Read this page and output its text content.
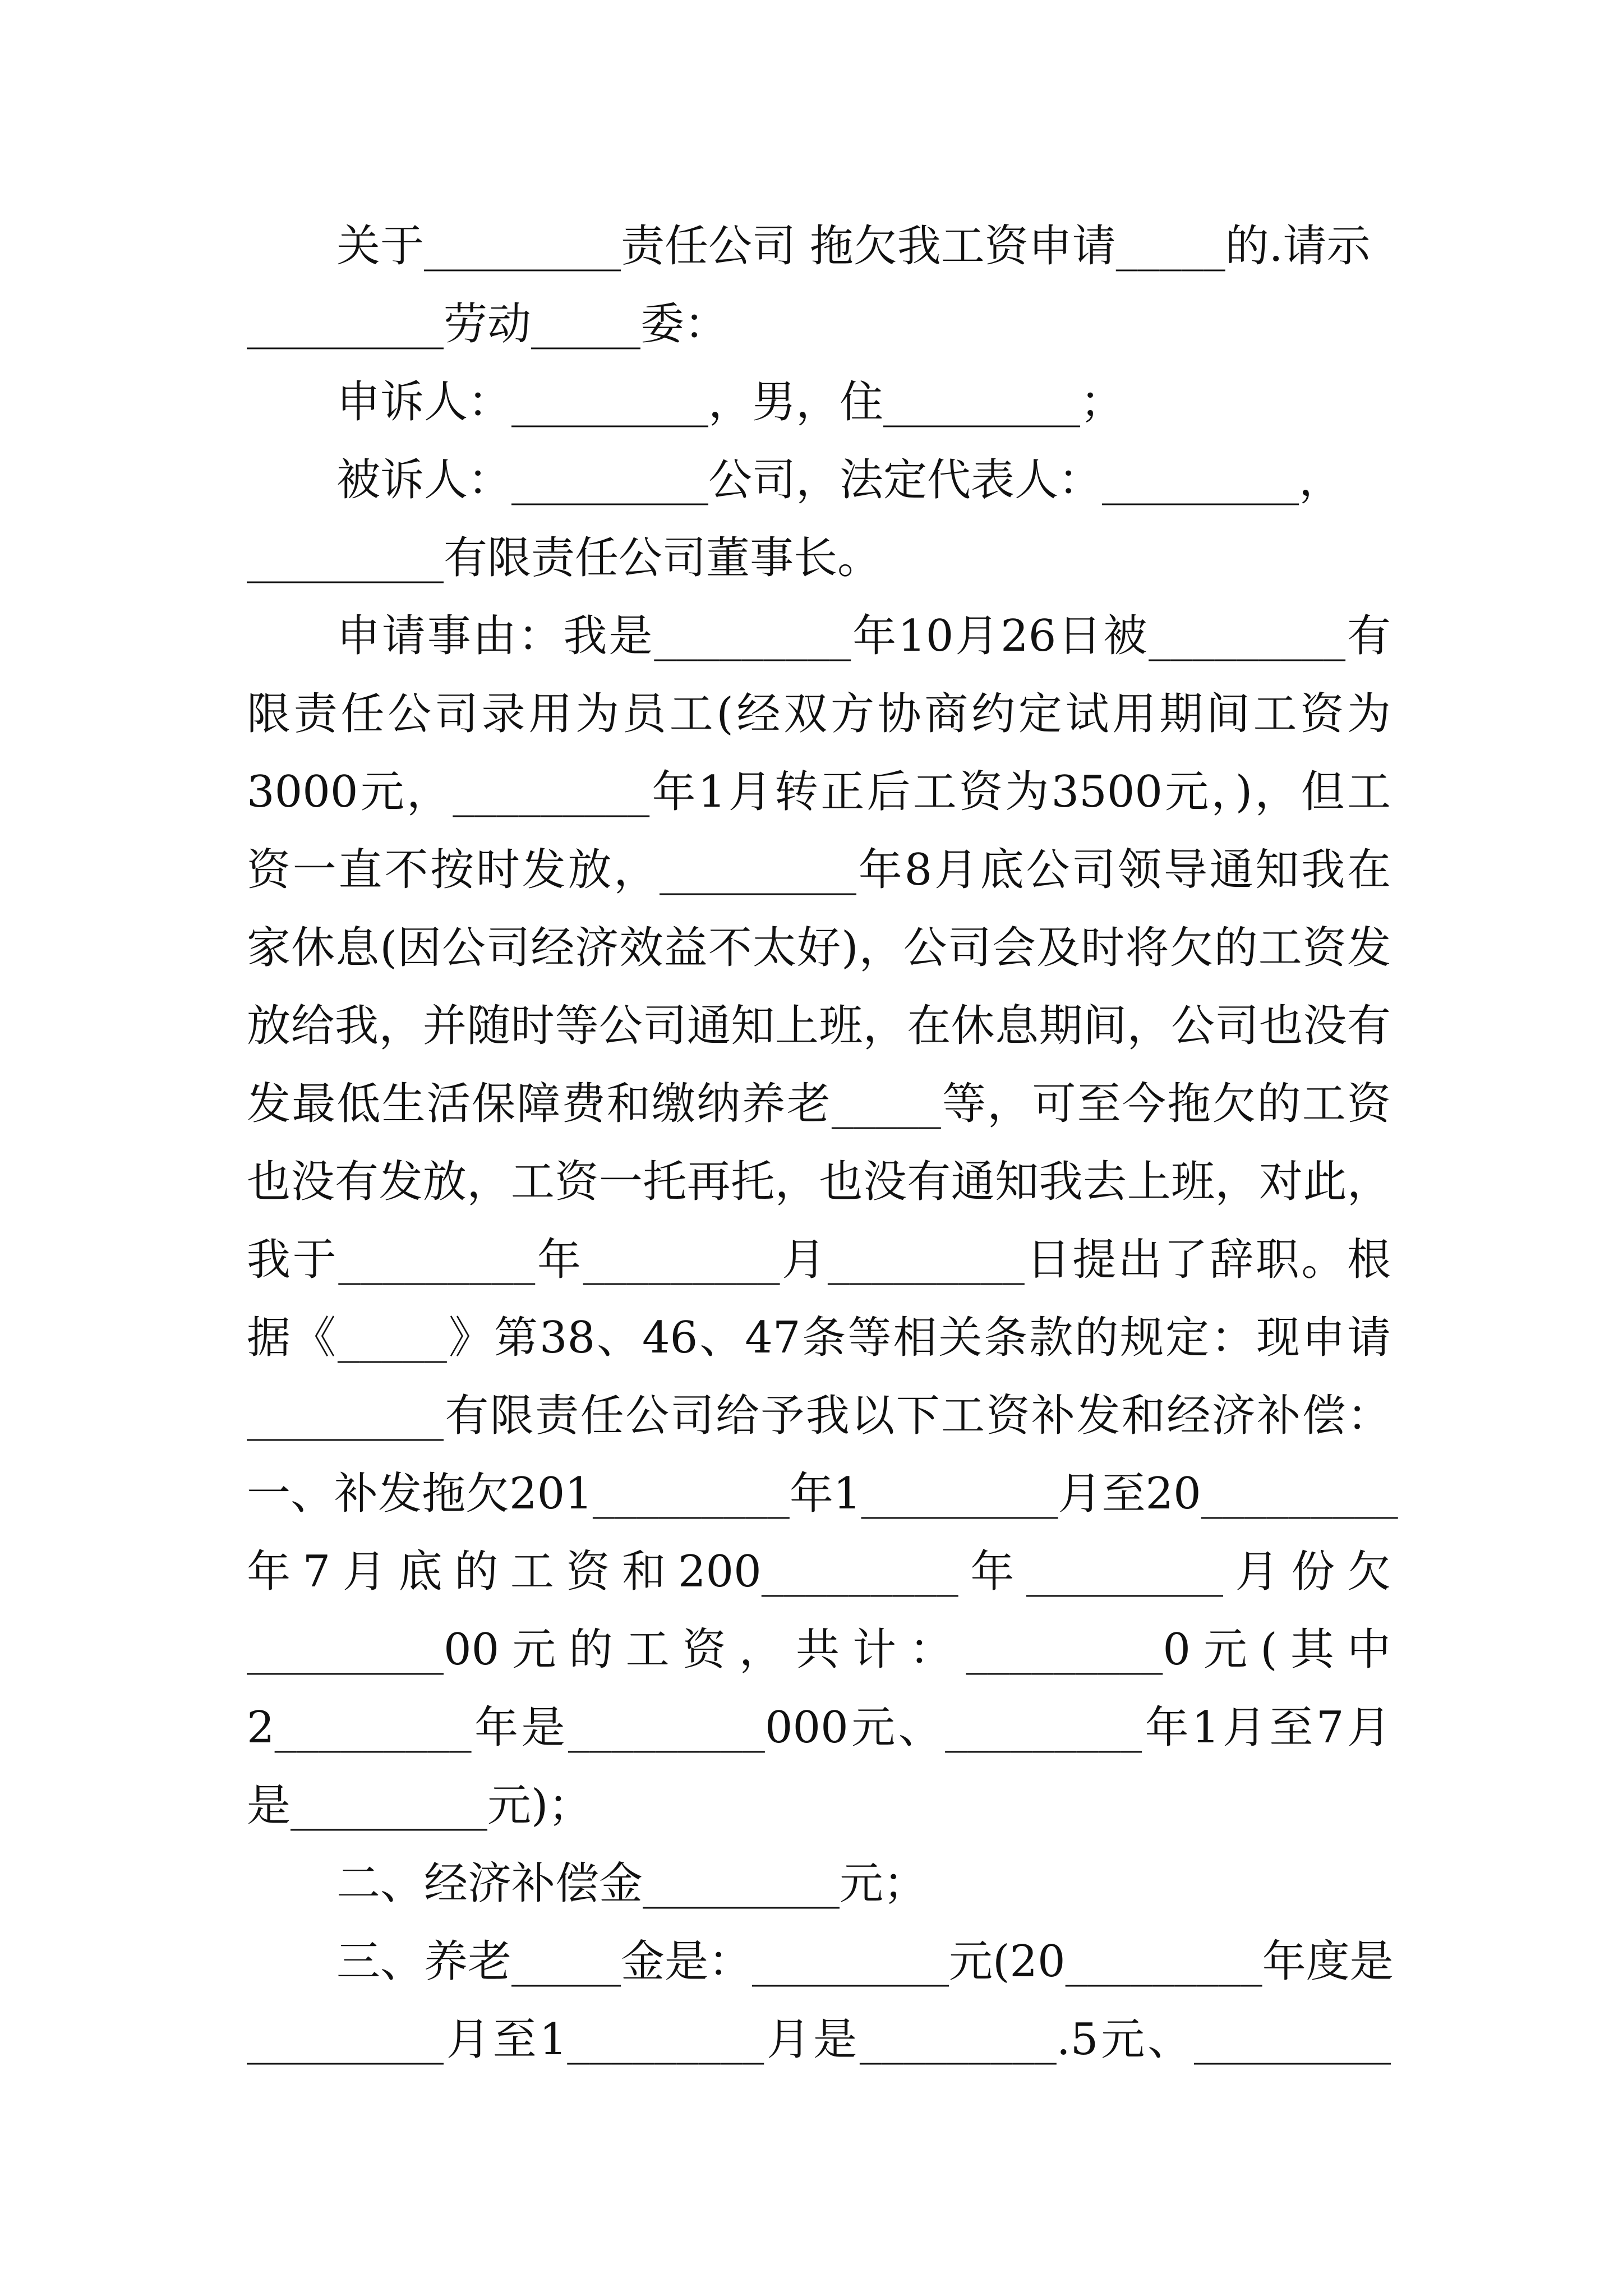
关于_________责任公司 拖欠我工资申请_____的.请示
_________劳动_____委：
申诉人：_________，男，住_________；
被诉人：_________公司，法定代表人：_________，
_________有限责任公司董事长。
申请事由：我是_________年10月26日被_________有
限责任公司录用为员工(经双方协商约定试用期间工资为
3000元，_________年1月转正后工资为3500元，)，但工
资一直不按时发放，_________年8月底公司领导通知我在
家休息(因公司经济效益不太好)，公司会及时将欠的工资发
放给我，并随时等公司通知上班，在休息期间，公司也没有
发最低生活保障费和缴纳养老_____等，可至今拖欠的工资
也没有发放，工资一托再托，也没有通知我去上班，对此，
我于_________年_________月_________日提出了辞职。根
据《_____》第38、46、47条等相关条款的规定：现申请
_________有限责任公司给予我以下工资补发和经济补偿：
一、补发拖欠201_________年1_________月至20_________
年7月底的工资和200_________年_________月份欠
_________00元的工资，共计：_________0元(其中
2_________年是_________000元、_________年1月至7月
是_________元)；
二、经济补偿金_________元；
三、养老_____金是：_________元(20_________年度是
_________月至1_________月是_________.5元、_________
